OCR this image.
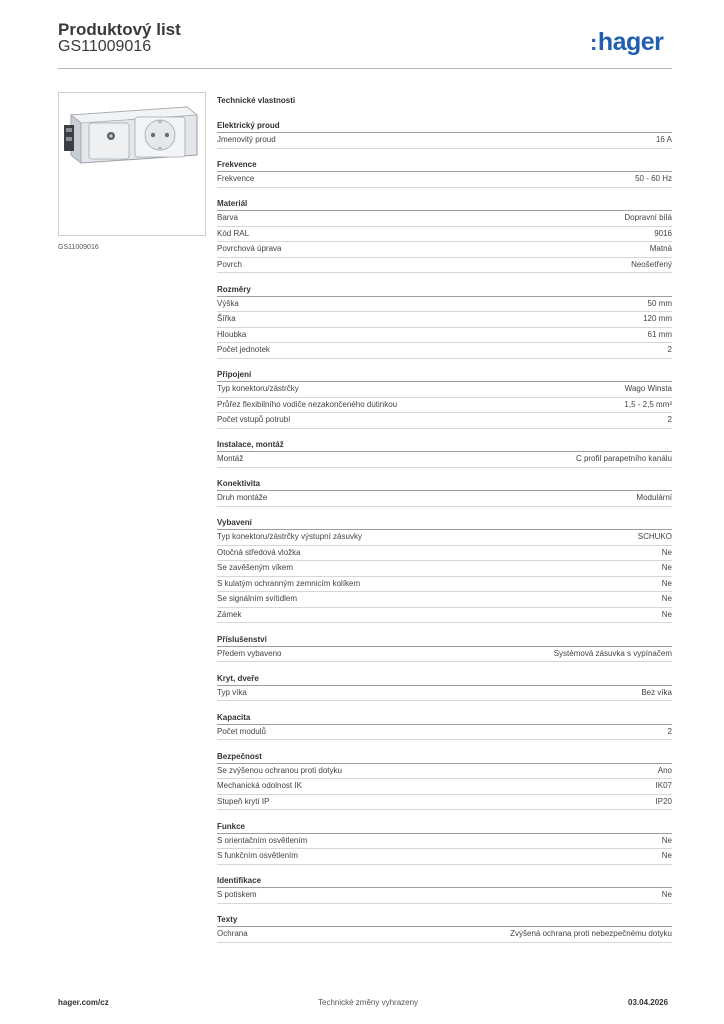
Produktový list
GS11009016	:hager
GS11009016
Technické vlastnosti
Elektrický proud
Jmenovitý proud	16 A
Frekvence
Frekvence	50 - 60 Hz
Materiál
Barva	Dopravní bílá
Kód RAL	9016
Povrchová úprava	Matná
Povrch	Neošetřený
Rozměry
Výška	50 mm
Šířka	120 mm
Hloubka	61 mm
Počet jednotek	2
Připojení
Typ konektoru/zástrčky	Wago Winsta
Průřez flexibilního vodiče nezakončeného dutinkou	1,5 - 2,5 mm²
Počet vstupů potrubí	2
Instalace, montáž
Montáž	C profil parapetního kanálu
Konektivita
Druh montáže	Modulární
Vybavení
Typ konektoru/zástrčky výstupní zásuvky	SCHUKO
Otočná středová vložka	Ne
Se zavěšeným víkem	Ne
S kulatým ochranným zemnicím kolíkem	Ne
Se signálním svítidlem	Ne
Zámek	Ne
Příslušenství
Předem vybaveno	Systémová zásuvka s vypínačem
Kryt, dveře
Typ víka	Bez víka
Kapacita
Počet modulů	2
Bezpečnost
Se zvýšenou ochranou proti dotyku	Ano
Mechanická odolnost IK	IK07
Stupeň krytí IP	IP20
Funkce
S orientačním osvětlením	Ne
S funkčním osvětlením	Ne
Identifikace
S potiskem	Ne
Texty
Ochrana	Zvýšená ochrana proti nebezpečnému dotyku
hager.com/cz	Technické změny vyhrazeny	03.04.2026
